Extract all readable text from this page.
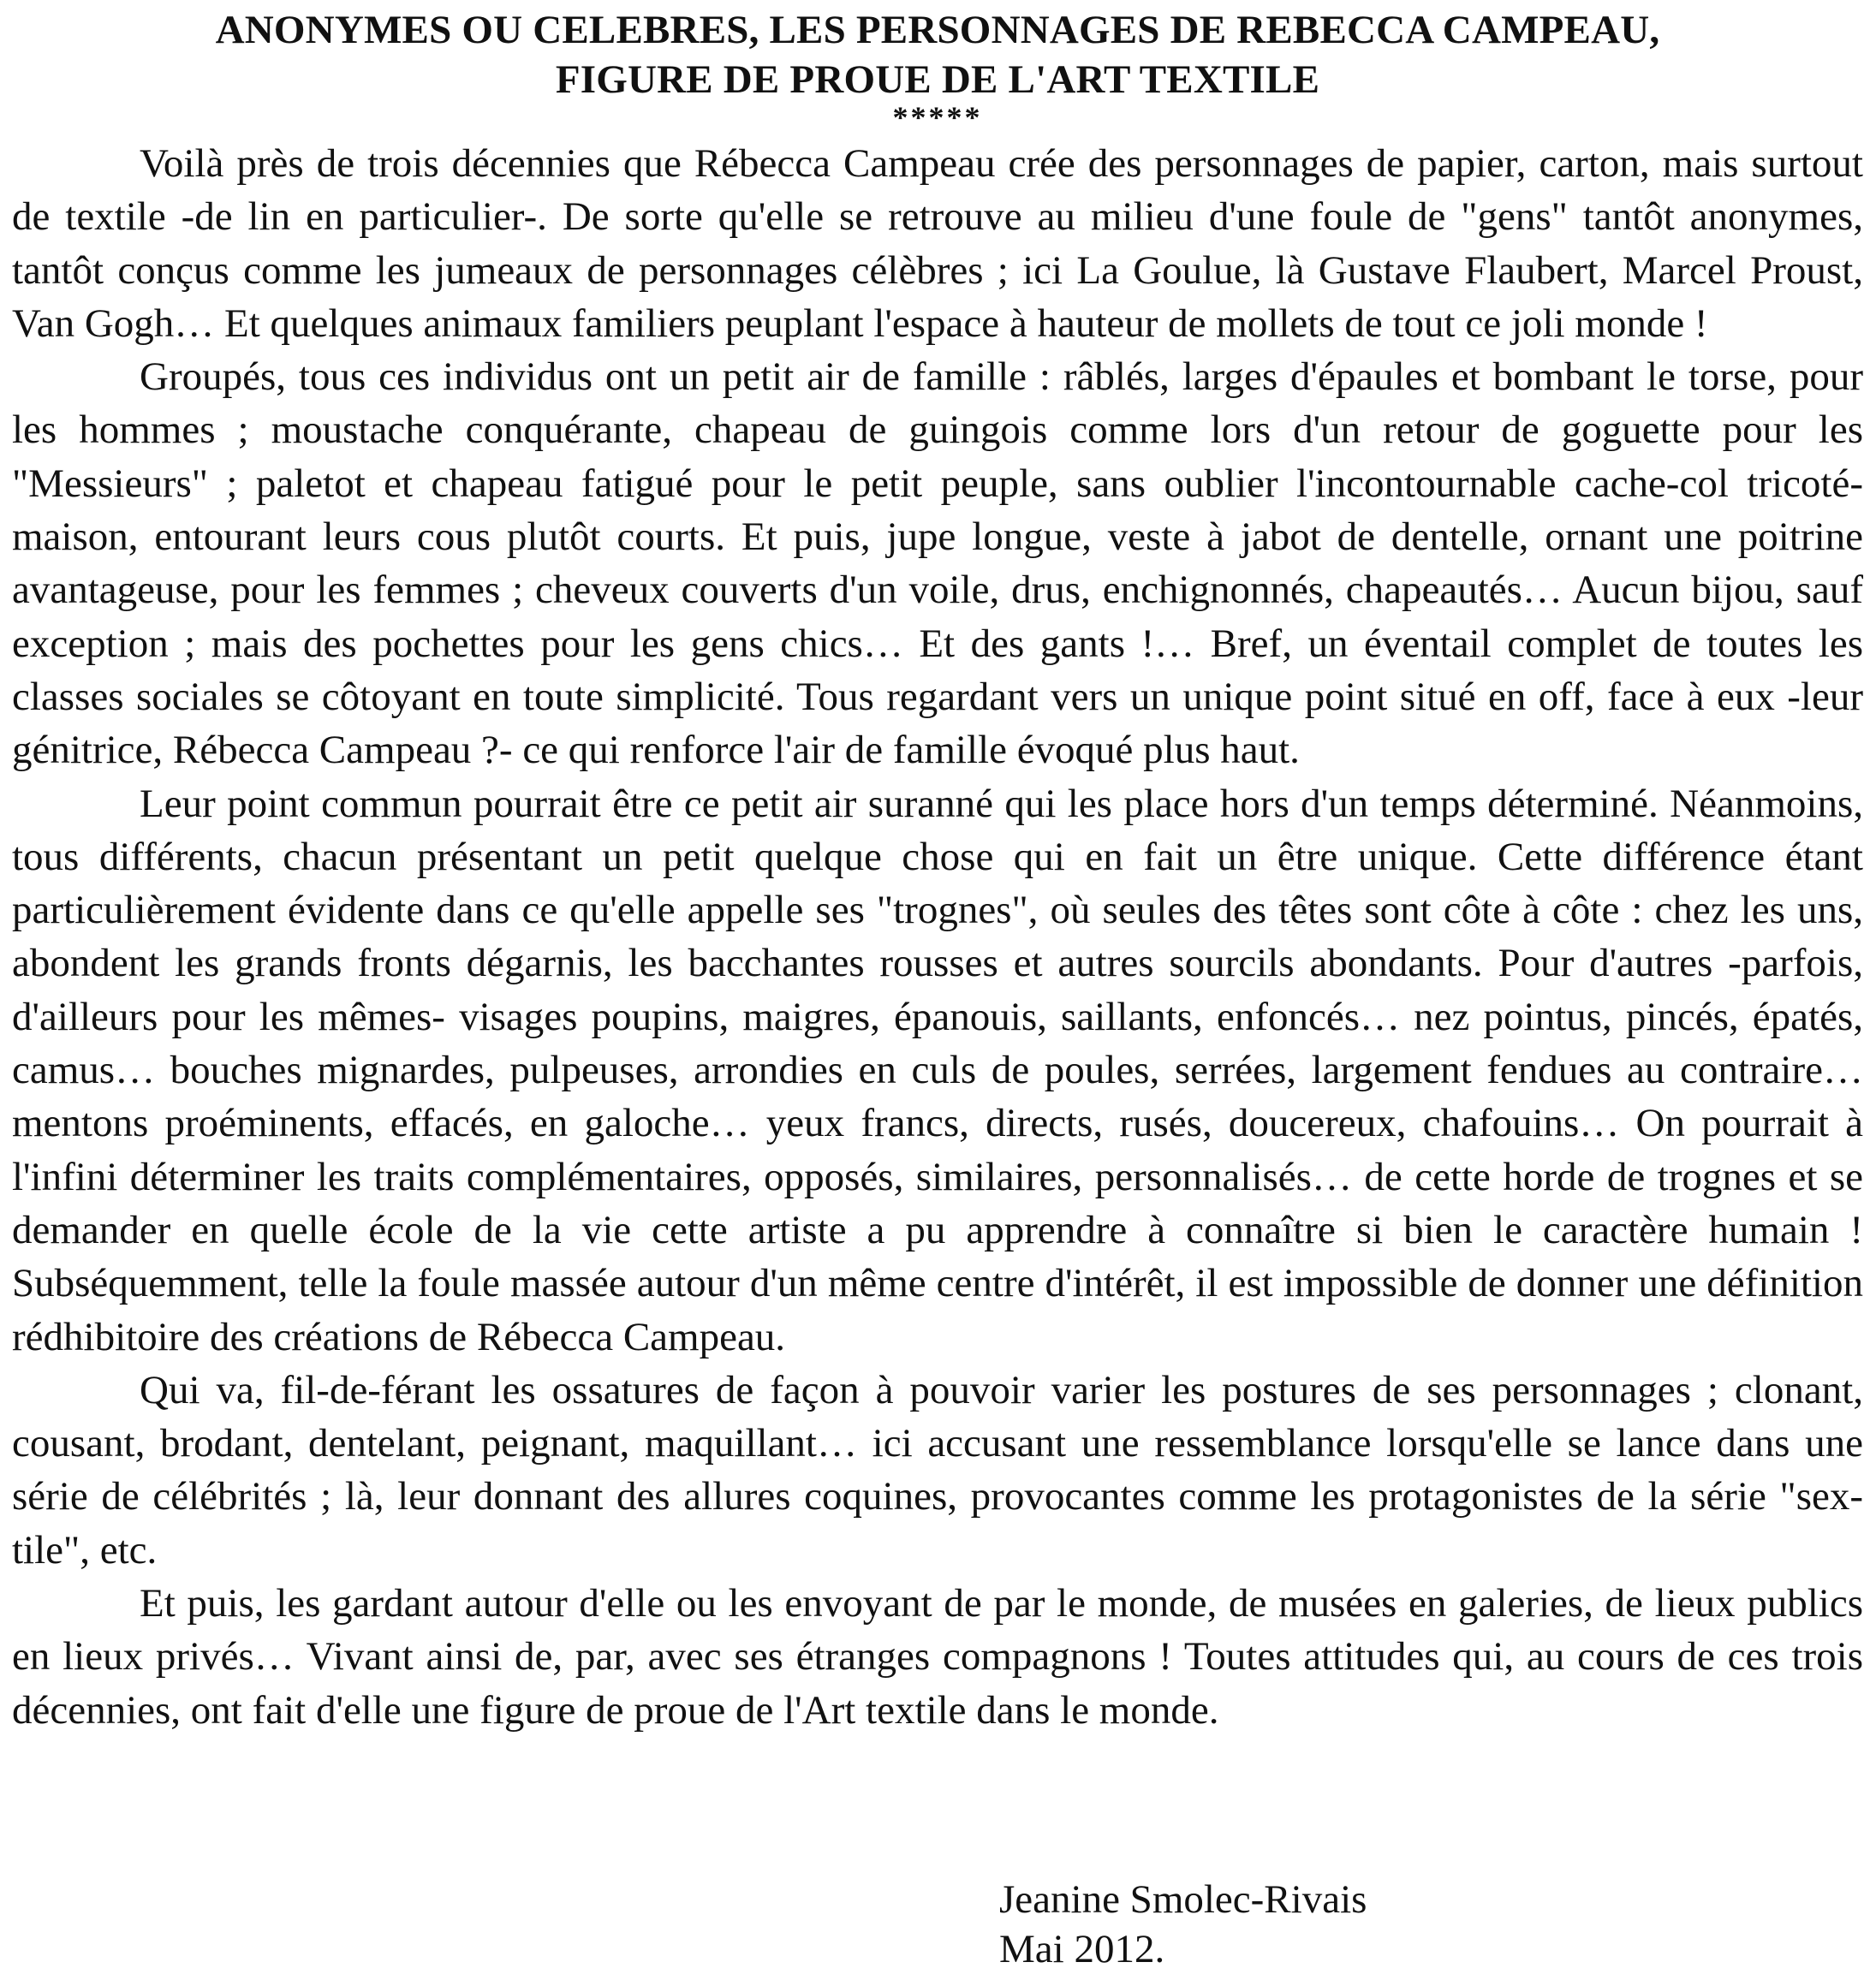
ANONYMES OU CELEBRES, LES PERSONNAGES DE REBECCA CAMPEAU,
FIGURE DE PROUE DE L'ART TEXTILE

*****

Voilà près de trois décennies que Rébecca Campeau crée des personnages de papier, carton, mais surtout de textile -de lin en particulier-. De sorte qu'elle se retrouve au milieu d'une foule de "gens" tantôt anonymes, tantôt conçus comme les jumeaux de personnages célèbres ; ici La Goulue, là Gustave Flaubert, Marcel Proust, Van Gogh… Et quelques animaux familiers peuplant l'espace à hauteur de mollets de tout ce joli monde !

Groupés, tous ces individus ont un petit air de famille : râblés, larges d'épaules et bombant le torse, pour les hommes ; moustache conquérante, chapeau de guingois comme lors d'un retour de goguette pour les "Messieurs" ; paletot et chapeau fatigué pour le petit peuple, sans oublier l'incontournable cache-col tricoté-maison, entourant leurs cous plutôt courts. Et puis, jupe longue, veste à jabot de dentelle, ornant une poitrine avantageuse, pour les femmes ; cheveux couverts d'un voile, drus, enchignonnés, chapeautés… Aucun bijou, sauf exception ; mais des pochettes pour les gens chics… Et des gants !… Bref, un éventail complet de toutes les classes sociales se côtoyant en toute simplicité. Tous regardant vers un unique point situé en off, face à eux -leur génitrice, Rébecca Campeau ?- ce qui renforce l'air de famille évoqué plus haut.

Leur point commun pourrait être ce petit air suranné qui les place hors d'un temps déterminé. Néanmoins, tous différents, chacun présentant un petit quelque chose qui en fait un être unique. Cette différence étant particulièrement évidente dans ce qu'elle appelle ses "trognes", où seules des têtes sont côte à côte : chez les uns, abondent les grands fronts dégarnis, les bacchantes rousses et autres sourcils abondants. Pour d'autres -parfois, d'ailleurs pour les mêmes- visages poupins, maigres, épanouis, saillants, enfoncés… nez pointus, pincés, épatés, camus… bouches mignardes, pulpeuses, arrondies en culs de poules, serrées, largement fendues au contraire… mentons proéminents, effacés, en galoche… yeux francs, directs, rusés, doucereux, chafouins… On pourrait à l'infini déterminer les traits complémentaires, opposés, similaires, personnalisés… de cette horde de trognes et se demander en quelle école de la vie cette artiste a pu apprendre à connaître si bien le caractère humain ! Subséquemment, telle la foule massée autour d'un même centre d'intérêt, il est impossible de donner une définition rédhibitoire des créations de Rébecca Campeau.

Qui va, fil-de-férant les ossatures de façon à pouvoir varier les postures de ses personnages ; clonant, cousant, brodant, dentelant, peignant, maquillant… ici accusant une ressemblance lorsqu'elle se lance dans une série de célébrités ; là, leur donnant des allures coquines, provocantes comme les protagonistes de la série "sex-tile", etc.

Et puis, les gardant autour d'elle ou les envoyant de par le monde, de musées en galeries, de lieux publics en lieux privés… Vivant ainsi de, par, avec ses étranges compagnons ! Toutes attitudes qui, au cours de ces trois décennies, ont fait d'elle une figure de proue de l'Art textile dans le monde.

Jeanine Smolec-Rivais
Mai 2012.
